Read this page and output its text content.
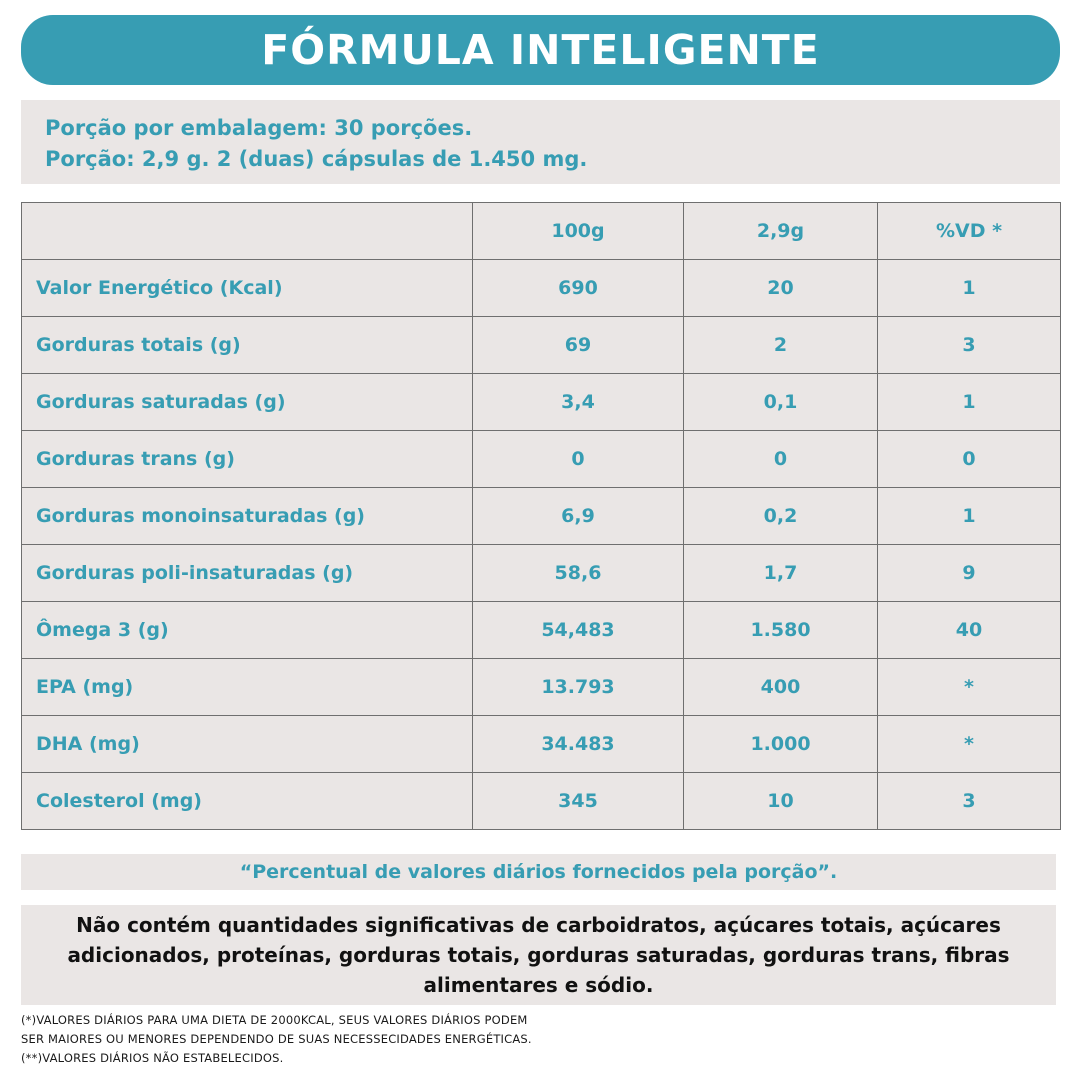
FÓRMULA INTELIGENTE
Porção por embalagem: 30 porções.
Porção: 2,9 g. 2 (duas) cápsulas de 1.450 mg.
	100g	2,9g	%VD *
Valor Energético (Kcal)	690	20	1
Gorduras totais (g)	69	2	3
Gorduras saturadas (g)	3,4	0,1	1
Gorduras trans (g)	0	0	0
Gorduras monoinsaturadas (g)	6,9	0,2	1
Gorduras poli-insaturadas (g)	58,6	1,7	9
Ômega 3 (g)	54,483	1.580	40
EPA (mg)	13.793	400	*
DHA (mg)	34.483	1.000	*
Colesterol (mg)	345	10	3
“Percentual de valores diários fornecidos pela porção”.
Não contém quantidades significativas de carboidratos, açúcares totais, açúcares adicionados, proteínas, gorduras totais, gorduras saturadas, gorduras trans, fibras alimentares e sódio.
(*)VALORES DIÁRIOS PARA UMA DIETA DE 2000KCAL, SEUS VALORES DIÁRIOS PODEM
SER MAIORES OU MENORES DEPENDENDO DE SUAS NECESSECIDADES ENERGÉTICAS.
(**)VALORES DIÁRIOS NÃO ESTABELECIDOS.
